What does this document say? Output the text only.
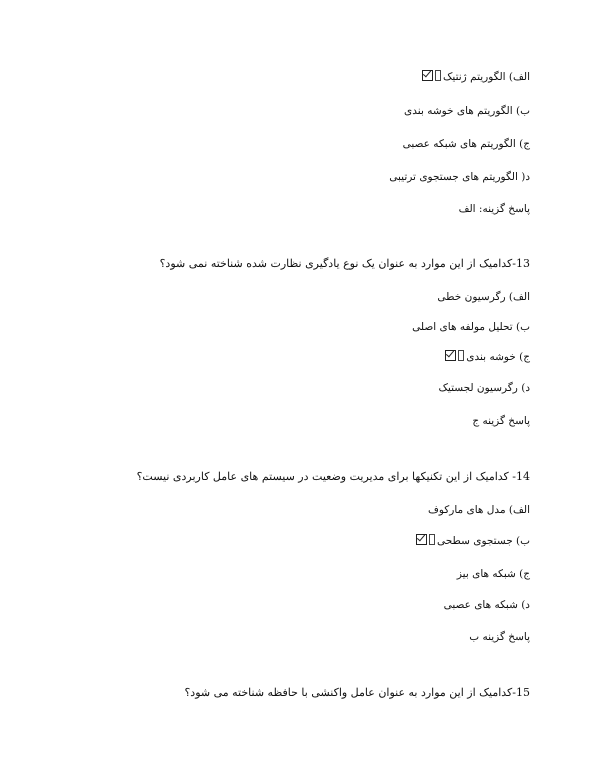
الف) الگوریتم ژنتیک
ب) الگوریتم های خوشه بندی
ج) الگوریتم های شبکه عصبی
د( الگوریتم های جستجوی ترتیبی
پاسخ گزینه: الف
13-کدامیک از این موارد به عنوان یک نوع یادگیری نظارت شده شناخته نمی شود؟
الف) رگرسیون خطی
ب) تحلیل مولفه های اصلی
ج) خوشه بندی
د) رگرسیون لجستیک
پاسخ گزینه ج
14- کدامیک از این تکنیکها برای مدیریت وضعیت در سیستم های عامل کاربردی نیست؟
الف) مدل های مارکوف
ب) جستجوی سطحی
ج) شبکه های بیز
د) شبکه های عصبی
پاسخ گزینه ب
15-کدامیک از این موارد به عنوان عامل واکنشی با حافظه شناخته می شود؟
